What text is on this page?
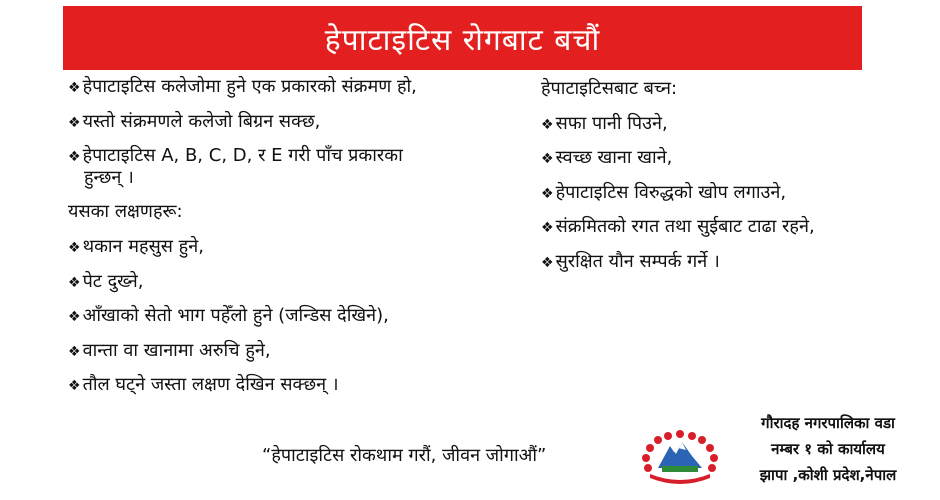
हेपाटाइटिस रोगबाट बचौं
❖ हेपाटाइटिस कलेजोमा हुने एक प्रकारको संक्रमण हो,
❖ यस्तो संक्रमणले कलेजो बिग्रन सक्छ,
❖ हेपाटाइटिस A, B, C, D, र E गरी पाँच प्रकारका
हुन्छन् ।
यसका लक्षणहरू:
❖ थकान महसुस हुने,
❖ पेट दुख्ने,
❖ आँखाको सेतो भाग पहेँलो हुने (जन्डिस देखिने),
❖ वान्ता वा खानामा अरुचि हुने,
❖ तौल घट्ने जस्ता लक्षण देखिन सक्छन् ।
हेपाटाइटिसबाट बच्न:
❖ सफा पानी पिउने,
❖ स्वच्छ खाना खाने,
❖ हेपाटाइटिस विरुद्धको खोप लगाउने,
❖ संक्रमितको रगत तथा सुईबाट टाढा रहने,
❖ सुरक्षित यौन सम्पर्क गर्ने ।
“हेपाटाइटिस रोकथाम गरौं, जीवन जोगाऔं”
गौरादह नगरपालिका वडा
नम्बर १ को कार्यालय
झापा ,कोशी प्रदेश,नेपाल
